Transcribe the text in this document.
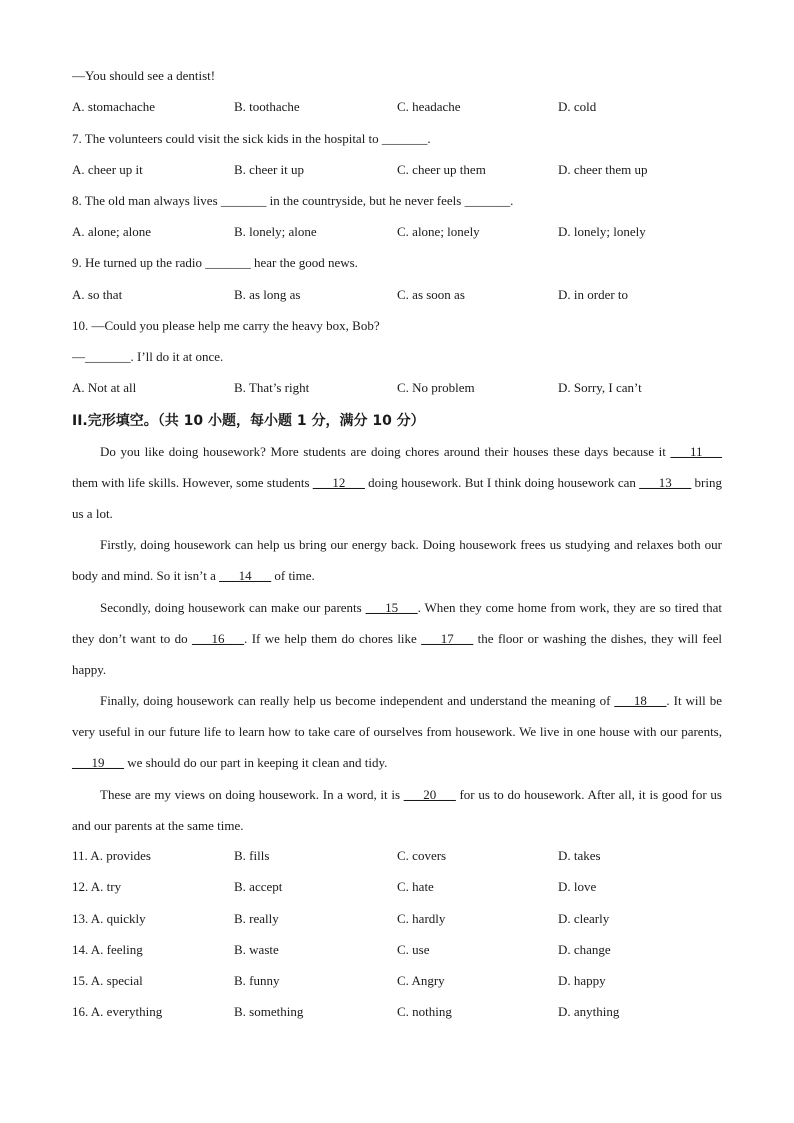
—You should see a dentist!
A. stomachache	B. toothache	C. headache	D. cold
7. The volunteers could visit the sick kids in the hospital to _______.
A. cheer up it	B. cheer it up	C. cheer up them	D. cheer them up
8. The old man always lives _______ in the countryside, but he never feels _______.
A. alone; alone	B. lonely; alone	C. alone; lonely	D. lonely; lonely
9. He turned up the radio _______ hear the good news.
A. so that	B. as long as	C. as soon as	D. in order to
10. —Could you please help me carry the heavy box, Bob?
—_______. I’ll do it at once.
A. Not at all	B. That’s right	C. No problem	D. Sorry, I can’t
II.完形填空。（共 10 小题，每小题 1 分，满分 10 分）
Do you like doing housework? More students are doing chores around their houses these days because it ___11___ them with life skills. However, some students ___12___ doing housework. But I think doing housework can ___13___ bring us a lot.
Firstly, doing housework can help us bring our energy back. Doing housework frees us studying and relaxes both our body and mind. So it isn’t a ___14___ of time.
Secondly, doing housework can make our parents ___15___. When they come home from work, they are so tired that they don’t want to do ___16___. If we help them do chores like ___17___ the floor or washing the dishes, they will feel happy.
Finally, doing housework can really help us become independent and understand the meaning of ___18___. It will be very useful in our future life to learn how to take care of ourselves from housework. We live in one house with our parents, ___19___ we should do our part in keeping it clean and tidy.
These are my views on doing housework. In a word, it is ___20___ for us to do housework. After all, it is good for us and our parents at the same time.
11. A. provides	B. fills	C. covers	D. takes
12. A. try	B. accept	C. hate	D. love
13. A. quickly	B. really	C. hardly	D. clearly
14. A. feeling	B. waste	C. use	D. change
15. A. special	B. funny	C. Angry	D. happy
16. A. everything	B. something	C. nothing	D. anything
